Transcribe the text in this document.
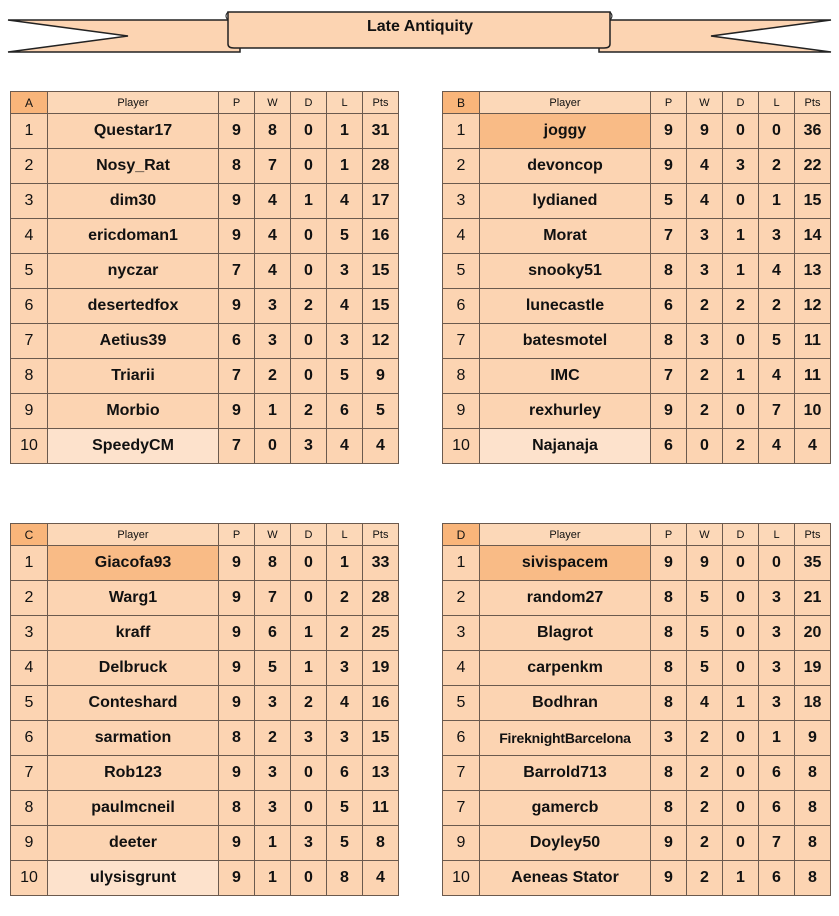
Late Antiquity
A	Player	P	W	D	L	Pts
1	Questar17	9	8	0	1	31
2	Nosy_Rat	8	7	0	1	28
3	dim30	9	4	1	4	17
4	ericdoman1	9	4	0	5	16
5	nyczar	7	4	0	3	15
6	desertedfox	9	3	2	4	15
7	Aetius39	6	3	0	3	12
8	Triarii	7	2	0	5	9
9	Morbio	9	1	2	6	5
10	SpeedyCM	7	0	3	4	4
B	Player	P	W	D	L	Pts
1	joggy	9	9	0	0	36
2	devoncop	9	4	3	2	22
3	lydianed	5	4	0	1	15
4	Morat	7	3	1	3	14
5	snooky51	8	3	1	4	13
6	lunecastle	6	2	2	2	12
7	batesmotel	8	3	0	5	11
8	IMC	7	2	1	4	11
9	rexhurley	9	2	0	7	10
10	Najanaja	6	0	2	4	4
C	Player	P	W	D	L	Pts
1	Giacofa93	9	8	0	1	33
2	Warg1	9	7	0	2	28
3	kraff	9	6	1	2	25
4	Delbruck	9	5	1	3	19
5	Conteshard	9	3	2	4	16
6	sarmation	8	2	3	3	15
7	Rob123	9	3	0	6	13
8	paulmcneil	8	3	0	5	11
9	deeter	9	1	3	5	8
10	ulysisgrunt	9	1	0	8	4
D	Player	P	W	D	L	Pts
1	sivispacem	9	9	0	0	35
2	random27	8	5	0	3	21
3	Blagrot	8	5	0	3	20
4	carpenkm	8	5	0	3	19
5	Bodhran	8	4	1	3	18
6	FireknightBarcelona	3	2	0	1	9
7	Barrold713	8	2	0	6	8
7	gamercb	8	2	0	6	8
9	Doyley50	9	2	0	7	8
10	Aeneas Stator	9	2	1	6	8
